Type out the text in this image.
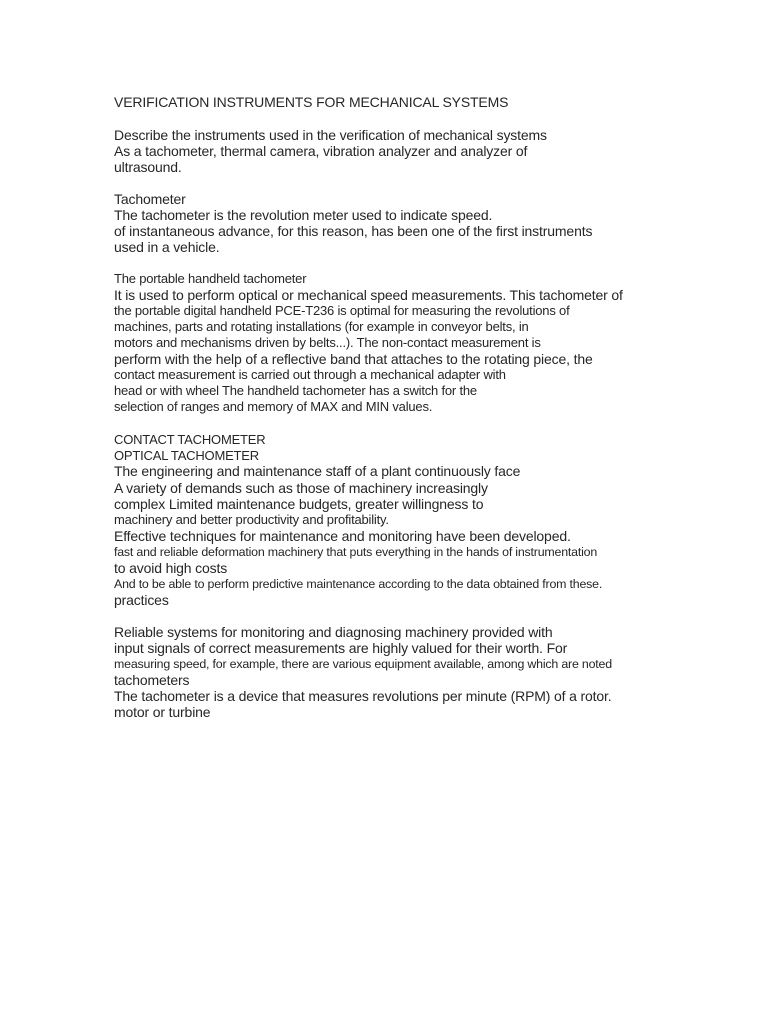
VERIFICATION INSTRUMENTS FOR MECHANICAL SYSTEMS
Describe the instruments used in the verification of mechanical systems
As a tachometer, thermal camera, vibration analyzer and analyzer of
ultrasound.
Tachometer
The tachometer is the revolution meter used to indicate speed.
of instantaneous advance, for this reason, has been one of the first instruments
used in a vehicle.
The portable handheld tachometer
It is used to perform optical or mechanical speed measurements. This tachometer of
the portable digital handheld PCE-T236 is optimal for measuring the revolutions of
machines, parts and rotating installations (for example in conveyor belts, in
motors and mechanisms driven by belts...). The non-contact measurement is
perform with the help of a reflective band that attaches to the rotating piece, the
contact measurement is carried out through a mechanical adapter with
head or with wheel The handheld tachometer has a switch for the
selection of ranges and memory of MAX and MIN values.
CONTACT TACHOMETER
OPTICAL TACHOMETER
The engineering and maintenance staff of a plant continuously face
A variety of demands such as those of machinery increasingly
complex Limited maintenance budgets, greater willingness to
machinery and better productivity and profitability.
Effective techniques for maintenance and monitoring have been developed.
fast and reliable deformation machinery that puts everything in the hands of instrumentation
to avoid high costs
And to be able to perform predictive maintenance according to the data obtained from these.
practices
Reliable systems for monitoring and diagnosing machinery provided with
input signals of correct measurements are highly valued for their worth. For
measuring speed, for example, there are various equipment available, among which are noted
tachometers
The tachometer is a device that measures revolutions per minute (RPM) of a rotor.
motor or turbine
